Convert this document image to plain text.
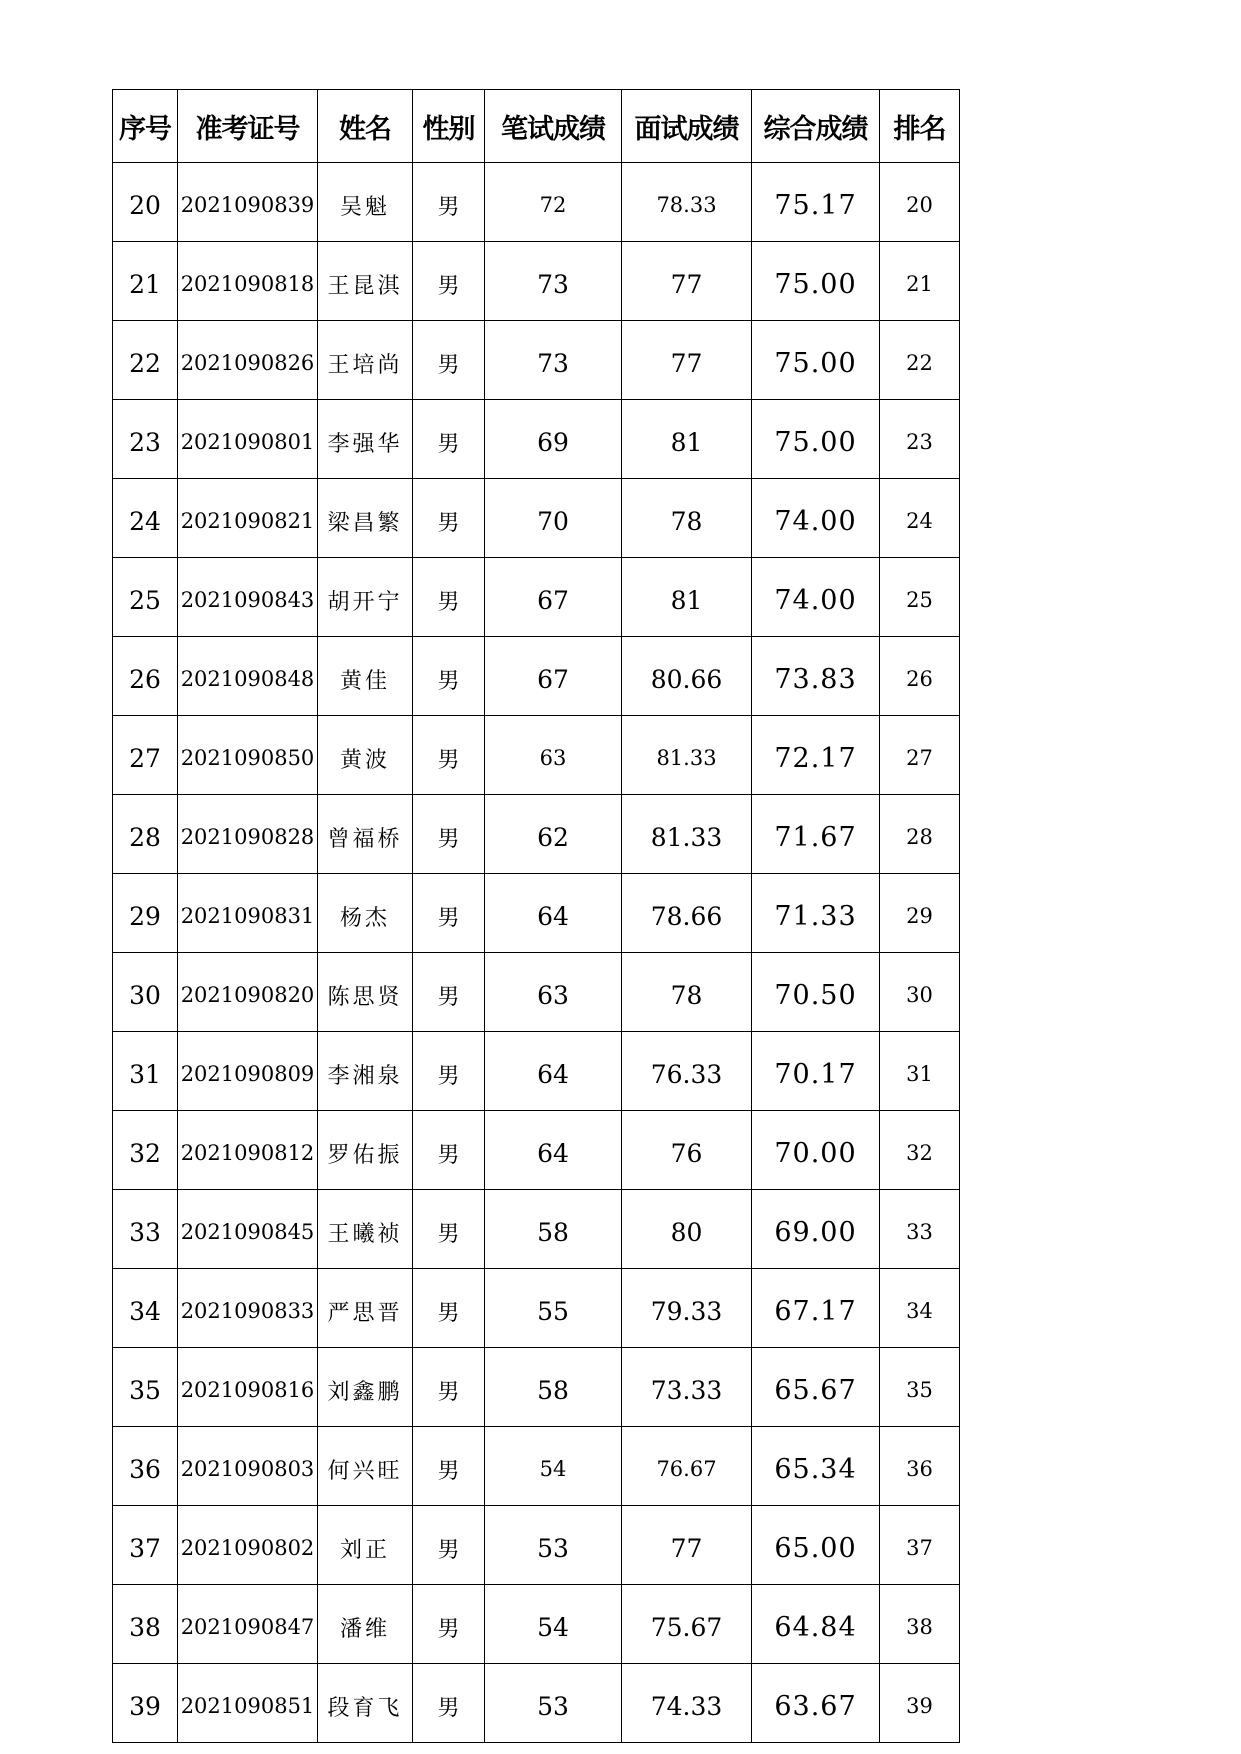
序号	准考证号	姓名	性别	笔试成绩	面试成绩	综合成绩	排名
20	2021090839	吴魁	男	72	78.33	75.17	20
21	2021090818	王昆淇	男	73	77	75.00	21
22	2021090826	王培尚	男	73	77	75.00	22
23	2021090801	李强华	男	69	81	75.00	23
24	2021090821	梁昌繁	男	70	78	74.00	24
25	2021090843	胡开宁	男	67	81	74.00	25
26	2021090848	黄佳	男	67	80.66	73.83	26
27	2021090850	黄波	男	63	81.33	72.17	27
28	2021090828	曾福桥	男	62	81.33	71.67	28
29	2021090831	杨杰	男	64	78.66	71.33	29
30	2021090820	陈思贤	男	63	78	70.50	30
31	2021090809	李湘泉	男	64	76.33	70.17	31
32	2021090812	罗佑振	男	64	76	70.00	32
33	2021090845	王曦祯	男	58	80	69.00	33
34	2021090833	严思晋	男	55	79.33	67.17	34
35	2021090816	刘鑫鹏	男	58	73.33	65.67	35
36	2021090803	何兴旺	男	54	76.67	65.34	36
37	2021090802	刘正	男	53	77	65.00	37
38	2021090847	潘维	男	54	75.67	64.84	38
39	2021090851	段育飞	男	53	74.33	63.67	39
